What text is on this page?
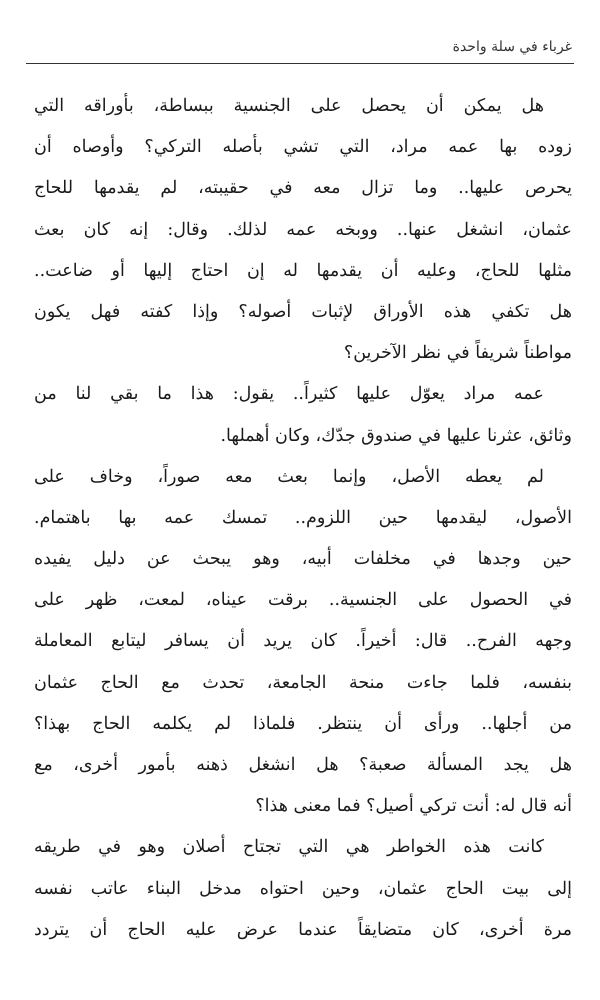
غرباء في سلة واحدة
هل يمكن أن يحصل على الجنسية ببساطة، بأوراقه التي
زوده بها عمه مراد، التي تشي بأصله التركي؟ وأوصاه أن
يحرص عليها.. وما تزال معه في حقيبته، لم يقدمها للحاج
عثمان، انشغل عنها.. ووبخه عمه لذلك. وقال: إنه كان بعث
مثلها للحاج، وعليه أن يقدمها له إن احتاج إليها أو ضاعت..
هل تكفي هذه الأوراق لإثبات أصوله؟ وإذا كفته فهل يكون
مواطناً شريفاً في نظر الآخرين؟
عمه مراد يعوّل عليها كثيراً.. يقول: هذا ما بقي لنا من
وثائق، عثرنا عليها في صندوق جدّك، وكان أهملها.
لم يعطه الأصل، وإنما بعث معه صوراً، وخاف على
الأصول، ليقدمها حين اللزوم.. تمسك عمه بها باهتمام.
حين وجدها في مخلفات أبيه، وهو يبحث عن دليل يفيده
في الحصول على الجنسية.. برقت عيناه، لمعت، ظهر على
وجهه الفرح.. قال: أخيراً. كان يريد أن يسافر ليتابع المعاملة
بنفسه، فلما جاءت منحة الجامعة، تحدث مع الحاج عثمان
من أجلها.. ورأى أن ينتظر. فلماذا لم يكلمه الحاج بهذا؟
هل يجد المسألة صعبة؟ هل انشغل ذهنه بأمور أخرى، مع
أنه قال له: أنت تركي أصيل؟ فما معنى هذا؟
كانت هذه الخواطر هي التي تجتاح أصلان وهو في طريقه
إلى بيت الحاج عثمان، وحين احتواه مدخل البناء عاتب نفسه
مرة أخرى، كان متضايقاً عندما عرض عليه الحاج أن يتردد
